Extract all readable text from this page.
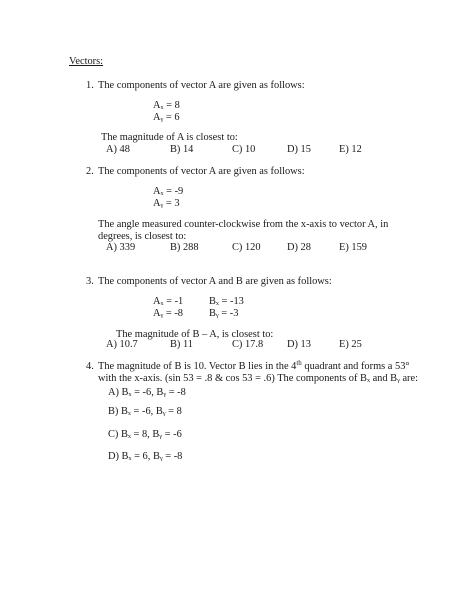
Vectors:
1. The components of vector A are given as follows:
Aₓ = 8
Aᵧ = 6
The magnitude of A is closest to:
A) 48	B) 14	C) 10	D) 15	E) 12
2. The components of vector A are given as follows:
Aₓ = -9
Aᵧ = 3
The angle measured counter-clockwise from the x-axis to vector A, in
degrees, is closest to:
A) 339	B) 288	C) 120	D) 28	E) 159
3. The components of vector A and B are given as follows:
Aₓ = -1 Bₓ = -13
Aᵧ = -8	Bᵧ = -3
The magnitude of B – A, is closest to:
A) 10.7	B) 11	C) 17.8 D) 13	E) 25
4. The magnitude of B is 10. Vector B lies in the 4th quadrant and forms a 53°
with the x-axis. (sin 53 = .8 & cos 53 = .6) The components of Bₓ and Bᵧ are:
A) Bₓ = -6, Bᵧ = -8
B) Bₓ = -6, Bᵧ = 8
C) Bₓ = 8, Bᵧ = -6
D) Bₓ = 6, Bᵧ = -8
